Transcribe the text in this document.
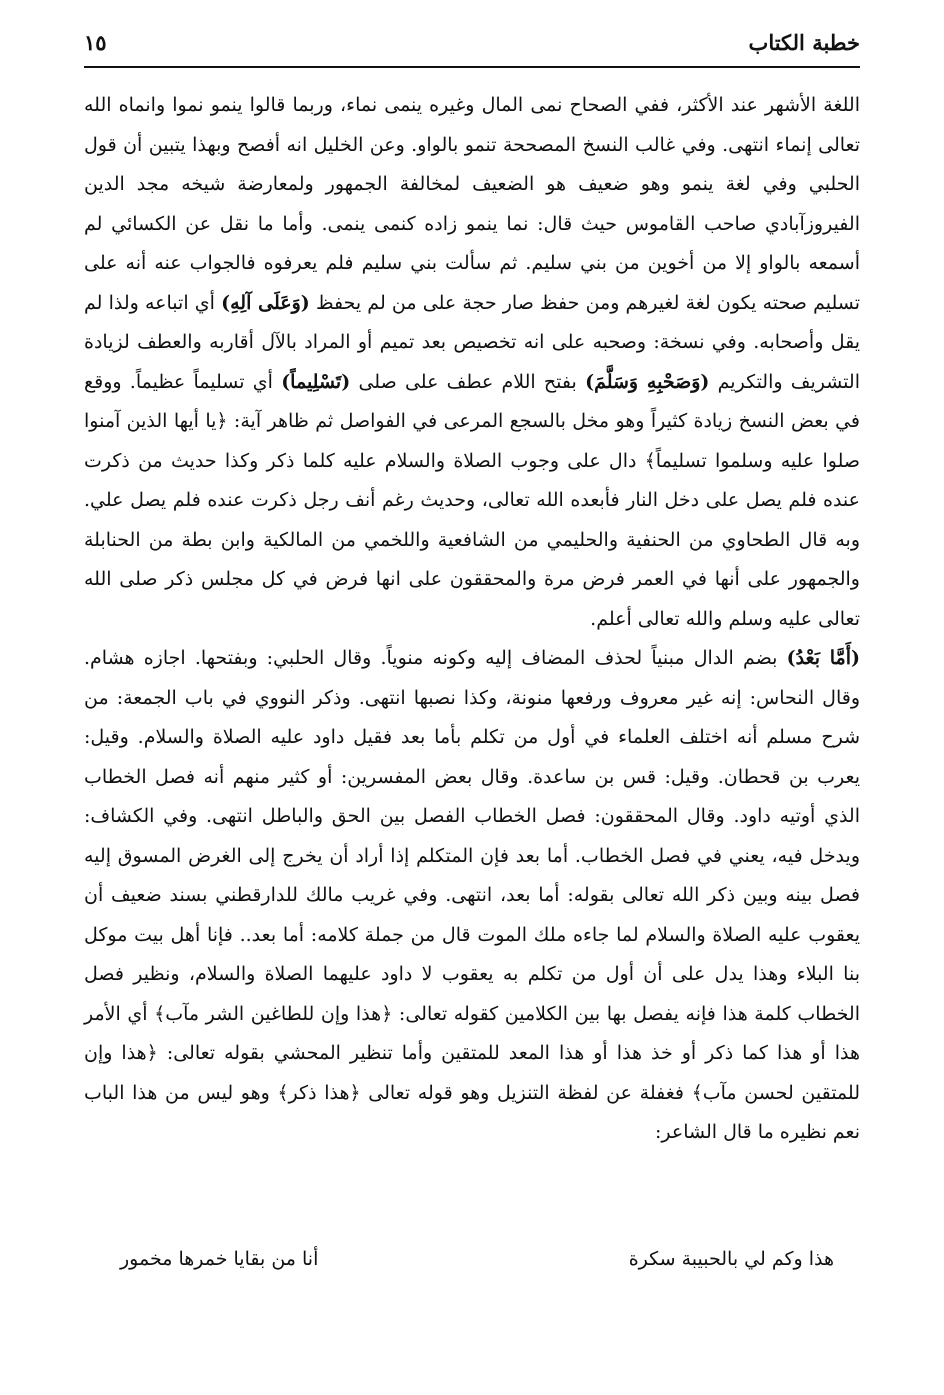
خطبة الكتاب
١٥

اللغة الأشهر عند الأكثر، ففي الصحاح نمى المال وغيره ينمى نماء، وربما قالوا ينمو نموا وانماه الله تعالى إنماء انتهى. وفي غالب النسخ المصححة تنمو بالواو. وعن الخليل انه أفصح وبهذا يتبين أن قول الحلبي وفي لغة ينمو وهو ضعيف هو الضعيف لمخالفة الجمهور ولمعارضة شيخه مجد الدين الفيروزآبادي صاحب القاموس حيث قال: نما ينمو زاده كنمى ينمى. وأما ما نقل عن الكسائي لم أسمعه بالواو إلا من أخوين من بني سليم. ثم سألت بني سليم فلم يعرفوه فالجواب عنه أنه على تسليم صحته يكون لغة لغيرهم ومن حفظ صار حجة على من لم يحفظ (وَعَلَى آلِهِ) أي اتباعه ولذا لم يقل وأصحابه. وفي نسخة: وصحبه على انه تخصيص بعد تميم أو المراد بالآل أقاربه والعطف لزيادة التشريف والتكريم (وَصَحْبِهِ وَسَلَّمَ) بفتح اللام عطف على صلى (تَسْلِيماً) أي تسليماً عظيماً. ووقع في بعض النسخ زيادة كثيراً وهو مخل بالسجع المرعى في الفواصل ثم ظاهر آية: ﴿يا أيها الذين آمنوا صلوا عليه وسلموا تسليماً﴾ دال على وجوب الصلاة والسلام عليه كلما ذكر وكذا حديث من ذكرت عنده فلم يصل على دخل النار فأبعده الله تعالى، وحديث رغم أنف رجل ذكرت عنده فلم يصل علي. وبه قال الطحاوي من الحنفية والحليمي من الشافعية واللخمي من المالكية وابن بطة من الحنابلة والجمهور على أنها في العمر فرض مرة والمحققون على انها فرض في كل مجلس ذكر صلى الله تعالى عليه وسلم والله تعالى أعلم.

(أَمَّا بَعْدُ) بضم الدال مبنياً لحذف المضاف إليه وكونه منوياً. وقال الحلبي: وبفتحها. اجازه هشام. وقال النحاس: إنه غير معروف ورفعها منونة، وكذا نصبها انتهى. وذكر النووي في باب الجمعة: من شرح مسلم أنه اختلف العلماء في أول من تكلم بأما بعد فقيل داود عليه الصلاة والسلام. وقيل: يعرب بن قحطان. وقيل: قس بن ساعدة. وقال بعض المفسرين: أو كثير منهم أنه فصل الخطاب الذي أوتيه داود. وقال المحققون: فصل الخطاب الفصل بين الحق والباطل انتهى. وفي الكشاف: ويدخل فيه، يعني في فصل الخطاب. أما بعد فإن المتكلم إذا أراد أن يخرج إلى الغرض المسوق إليه فصل بينه وبين ذكر الله تعالى بقوله: أما بعد، انتهى. وفي غريب مالك للدارقطني بسند ضعيف أن يعقوب عليه الصلاة والسلام لما جاءه ملك الموت قال من جملة كلامه: أما بعد.. فإنا أهل بيت موكل بنا البلاء وهذا يدل على أن أول من تكلم به يعقوب لا داود عليهما الصلاة والسلام، ونظير فصل الخطاب كلمة هذا فإنه يفصل بها بين الكلامين كقوله تعالى: ﴿هذا وإن للطاغين الشر مآب﴾ أي الأمر هذا أو هذا كما ذكر أو خذ هذا أو هذا المعد للمتقين وأما تنظير المحشي بقوله تعالى: ﴿هذا وإن للمتقين لحسن مآب﴾ فغفلة عن لفظة التنزيل وهو قوله تعالى ﴿هذا ذكر﴾ وهو ليس من هذا الباب نعم نظيره ما قال الشاعر:

هذا وكم لي بالحبيبة سكرة
أنا من بقايا خمرها مخمور
